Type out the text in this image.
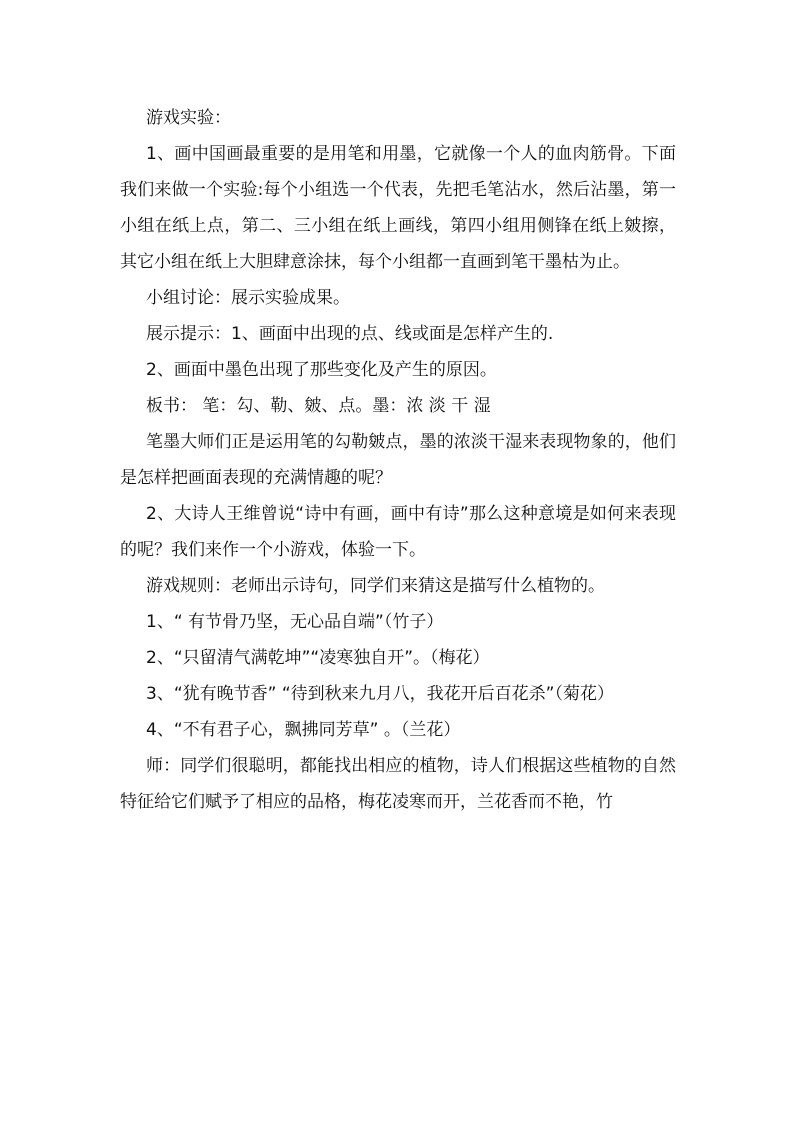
游戏实验：

1、画中国画最重要的是用笔和用墨，它就像一个人的血肉筋骨。下面我们来做一个实验:每个小组选一个代表，先把毛笔沾水，然后沾墨，第一小组在纸上点，第二、三小组在纸上画线，第四小组用侧锋在纸上皴擦，其它小组在纸上大胆肆意涂抹，每个小组都一直画到笔干墨枯为止。

小组讨论：展示实验成果。

展示提示：1、画面中出现的点、线或面是怎样产生的.

2、画面中墨色出现了那些变化及产生的原因。

板书： 笔：勾、勒、皴、点。墨：浓 淡 干 湿

笔墨大师们正是运用笔的勾勒皴点，墨的浓淡干湿来表现物象的，他们是怎样把画面表现的充满情趣的呢？

2、大诗人王维曾说“诗中有画，画中有诗”那么这种意境是如何来表现的呢？我们来作一个小游戏，体验一下。

游戏规则：老师出示诗句，同学们来猜这是描写什么植物的。

1、“ 有节骨乃坚，无心品自端”（竹子）

2、“只留清气满乾坤”“凌寒独自开”。（梅花）

3、“犹有晚节香” “待到秋来九月八，我花开后百花杀”（菊花）

4、“不有君子心，飘拂同芳草” 。（兰花）

师：同学们很聪明，都能找出相应的植物，诗人们根据这些植物的自然特征给它们赋予了相应的品格，梅花凌寒而开，兰花香而不艳，竹
